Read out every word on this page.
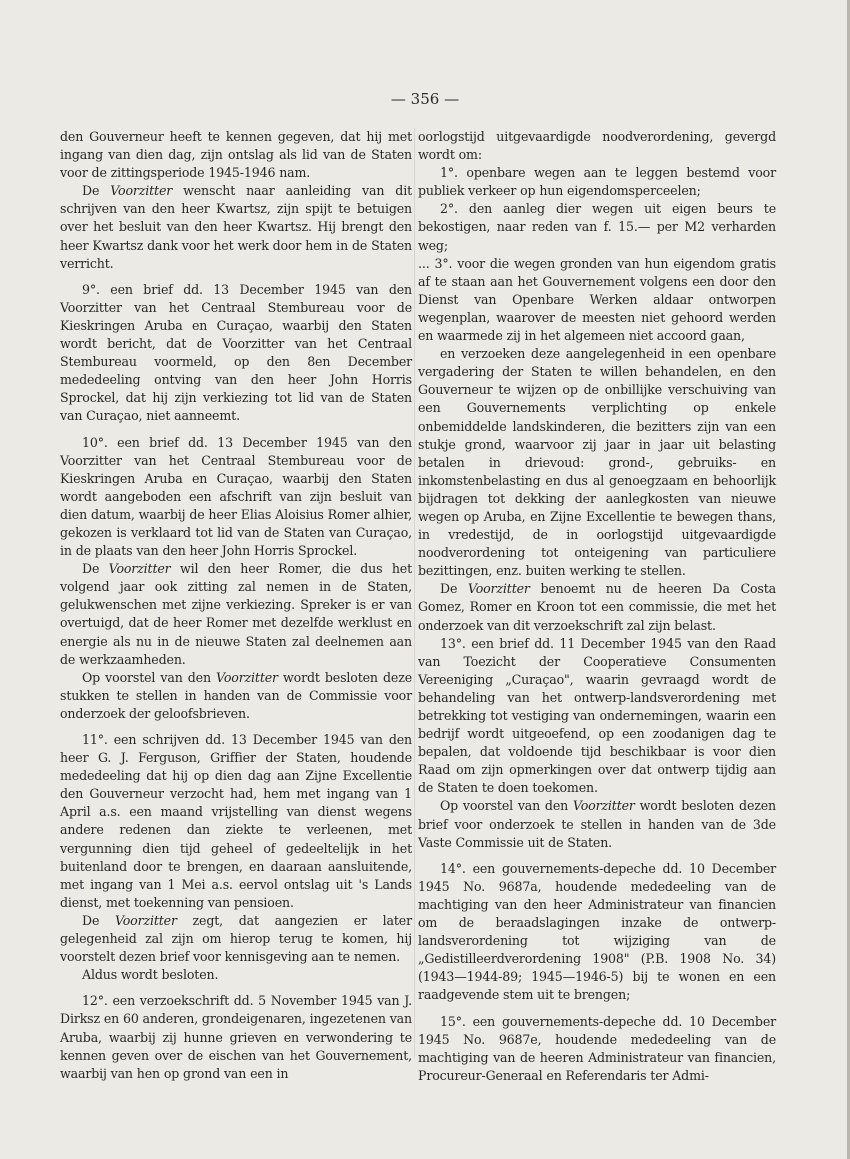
— 356 —

den Gouverneur heeft te kennen gegeven, dat hij met ingang van dien dag, zijn ontslag als lid van de Staten voor de zittingsperiode 1945-1946 nam.

De Voorzitter wenscht naar aanleiding van dit schrijven van den heer Kwartsz, zijn spijt te betuigen over het besluit van den heer Kwartsz. Hij brengt den heer Kwartsz dank voor het werk door hem in de Staten verricht.

9°. een brief dd. 13 December 1945 van den Voorzitter van het Centraal Stembureau voor de Kieskringen Aruba en Curaçao, waarbij den Staten wordt bericht, dat de Voorzitter van het Centraal Stembureau voormeld, op den 8en December mededeeling ontving van den heer John Horris Sprockel, dat hij zijn verkiezing tot lid van de Staten van Curaçao, niet aanneemt.

10°. een brief dd. 13 December 1945 van den Voorzitter van het Centraal Stembureau voor de Kieskringen Aruba en Curaçao, waarbij den Staten wordt aangeboden een afschrift van zijn besluit van dien datum, waarbij de heer Elias Aloisius Romer alhier, gekozen is verklaard tot lid van de Staten van Curaçao, in de plaats van den heer John Horris Sprockel.

De Voorzitter wil den heer Romer, die dus het volgend jaar ook zitting zal nemen in de Staten, gelukwenschen met zijne verkiezing. Spreker is er van overtuigd, dat de heer Romer met dezelfde werklust en energie als nu in de nieuwe Staten zal deelnemen aan de werkzaamheden.

Op voorstel van den Voorzitter wordt besloten deze stukken te stellen in handen van de Commissie voor onderzoek der geloofsbrieven.

11°. een schrijven dd. 13 December 1945 van den heer G. J. Ferguson, Griffier der Staten, houdende mededeeling dat hij op dien dag aan Zijne Excellentie den Gouverneur verzocht had, hem met ingang van 1 April a.s. een maand vrijstelling van dienst wegens andere redenen dan ziekte te verleenen, met vergunning dien tijd geheel of gedeeltelijk in het buitenland door te brengen, en daaraan aansluitende, met ingang van 1 Mei a.s. eervol ontslag uit 's Lands dienst, met toekenning van pensioen.

De Voorzitter zegt, dat aangezien er later gelegenheid zal zijn om hierop terug te komen, hij voorstelt dezen brief voor kennisgeving aan te nemen.

Aldus wordt besloten.

12°. een verzoekschrift dd. 5 November 1945 van J. Dirksz en 60 anderen, grondeigenaren, ingezetenen van Aruba, waarbij zij hunne grieven en verwondering te kennen geven over de eischen van het Gouvernement, waarbij van hen op grond van een in

oorlogstijd uitgevaardigde noodverordening, gevergd wordt om:

1°. openbare wegen aan te leggen bestemd voor publiek verkeer op hun eigendomsperceelen;

2°. den aanleg dier wegen uit eigen beurs te bekostigen, naar reden van f. 15.— per M2 verharden weg;

... 3°. voor die wegen gronden van hun eigendom gratis af te staan aan het Gouvernement volgens een door den Dienst van Openbare Werken aldaar ontworpen wegenplan, waarover de meesten niet gehoord werden en waarmede zij in het algemeen niet accoord gaan,

en verzoeken deze aangelegenheid in een openbare vergadering der Staten te willen behandelen, en den Gouverneur te wijzen op de onbillijke verschuiving van een Gouvernements verplichting op enkele onbemiddelde landskinderen, die bezitters zijn van een stukje grond, waarvoor zij jaar in jaar uit belasting betalen in drievoud: grond-, gebruiks- en inkomstenbelasting en dus al genoegzaam en behoorlijk bijdragen tot dekking der aanlegkosten van nieuwe wegen op Aruba, en Zijne Excellentie te bewegen thans, in vredestijd, de in oorlogstijd uitgevaardigde noodverordening tot onteigening van particuliere bezittingen, enz. buiten werking te stellen.

De Voorzitter benoemt nu de heeren Da Costa Gomez, Romer en Kroon tot een commissie, die met het onderzoek van dit verzoekschrift zal zijn belast.

13°. een brief dd. 11 December 1945 van den Raad van Toezicht der Cooperatieve Consumenten Vereeniging „Curaçao", waarin gevraagd wordt de behandeling van het ontwerp-landsverordening met betrekking tot vestiging van ondernemingen, waarin een bedrijf wordt uitgeoefend, op een zoodanigen dag te bepalen, dat voldoende tijd beschikbaar is voor dien Raad om zijn opmerkingen over dat ontwerp tijdig aan de Staten te doen toekomen.

Op voorstel van den Voorzitter wordt besloten dezen brief voor onderzoek te stellen in handen van de 3de Vaste Commissie uit de Staten.

14°. een gouvernements-depeche dd. 10 December 1945 No. 9687a, houdende mededeeling van de machtiging van den heer Administrateur van financien om de beraadslagingen inzake de ontwerp-landsverordening tot wijziging van de „Gedistilleerdverordening 1908" (P.B. 1908 No. 34) (1943—1944-89; 1945—1946-5) bij te wonen en een raadgevende stem uit te brengen;

15°. een gouvernements-depeche dd. 10 December 1945 No. 9687e, houdende mededeeling van de machtiging van de heeren Administrateur van financien, Procureur-Generaal en Referendaris ter Admi-
